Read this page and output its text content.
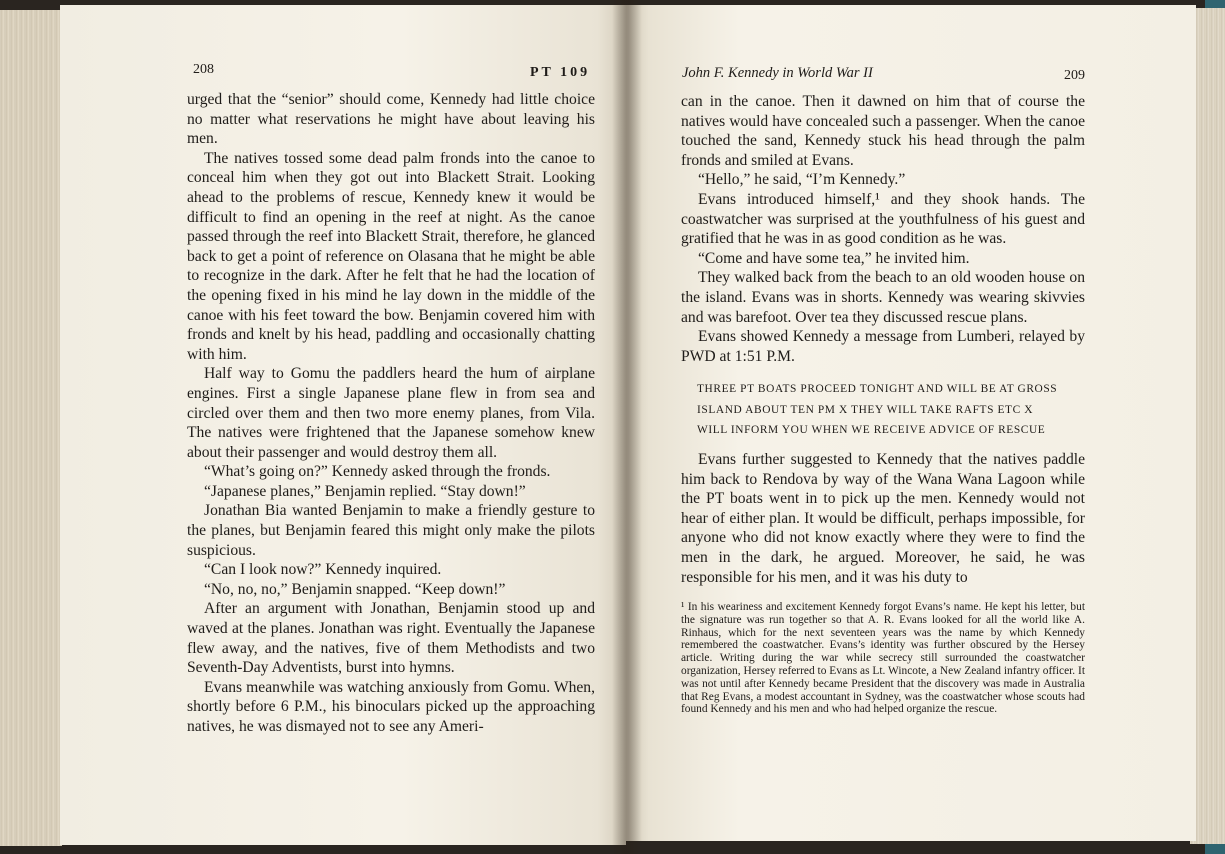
208	PT 109

urged that the “senior” should come, Kennedy had little choice no matter what reservations he might have about leaving his men.

The natives tossed some dead palm fronds into the canoe to conceal him when they got out into Blackett Strait. Looking ahead to the problems of rescue, Kennedy knew it would be difficult to find an opening in the reef at night. As the canoe passed through the reef into Blackett Strait, therefore, he glanced back to get a point of reference on Olasana that he might be able to recognize in the dark. After he felt that he had the location of the opening fixed in his mind he lay down in the middle of the canoe with his feet toward the bow. Benjamin covered him with fronds and knelt by his head, paddling and occasionally chatting with him.

Half way to Gomu the paddlers heard the hum of airplane engines. First a single Japanese plane flew in from sea and circled over them and then two more enemy planes, from Vila. The natives were frightened that the Japanese somehow knew about their passenger and would destroy them all.

“What’s going on?” Kennedy asked through the fronds.

“Japanese planes,” Benjamin replied. “Stay down!”

Jonathan Bia wanted Benjamin to make a friendly gesture to the planes, but Benjamin feared this might only make the pilots suspicious.

“Can I look now?” Kennedy inquired.

“No, no, no,” Benjamin snapped. “Keep down!”

After an argument with Jonathan, Benjamin stood up and waved at the planes. Jonathan was right. Eventually the Japanese flew away, and the natives, five of them Methodists and two Seventh-Day Adventists, burst into hymns.

Evans meanwhile was watching anxiously from Gomu. When, shortly before 6 P.M., his binoculars picked up the approaching natives, he was dismayed not to see any Ameri-

John F. Kennedy in World War II	209

can in the canoe. Then it dawned on him that of course the natives would have concealed such a passenger. When the canoe touched the sand, Kennedy stuck his head through the palm fronds and smiled at Evans.

“Hello,” he said, “I’m Kennedy.”

Evans introduced himself,¹ and they shook hands. The coastwatcher was surprised at the youthfulness of his guest and gratified that he was in as good condition as he was.

“Come and have some tea,” he invited him.

They walked back from the beach to an old wooden house on the island. Evans was in shorts. Kennedy was wearing skivvies and was barefoot. Over tea they discussed rescue plans.

Evans showed Kennedy a message from Lumberi, relayed by PWD at 1:51 P.M.

THREE PT BOATS PROCEED TONIGHT AND WILL BE AT GROSS
ISLAND ABOUT TEN PM X THEY WILL TAKE RAFTS ETC X
WILL INFORM YOU WHEN WE RECEIVE ADVICE OF RESCUE

Evans further suggested to Kennedy that the natives paddle him back to Rendova by way of the Wana Wana Lagoon while the PT boats went in to pick up the men. Kennedy would not hear of either plan. It would be difficult, perhaps impossible, for anyone who did not know exactly where they were to find the men in the dark, he argued. Moreover, he said, he was responsible for his men, and it was his duty to

¹ In his weariness and excitement Kennedy forgot Evans’s name. He kept his letter, but the signature was run together so that A. R. Evans looked for all the world like A. Rinhaus, which for the next seventeen years was the name by which Kennedy remembered the coastwatcher. Evans’s identity was further obscured by the Hersey article. Writing during the war while secrecy still surrounded the coastwatcher organization, Hersey referred to Evans as Lt. Wincote, a New Zealand infantry officer. It was not until after Kennedy became President that the discovery was made in Australia that Reg Evans, a modest accountant in Sydney, was the coastwatcher whose scouts had found Kennedy and his men and who had helped organize the rescue.
